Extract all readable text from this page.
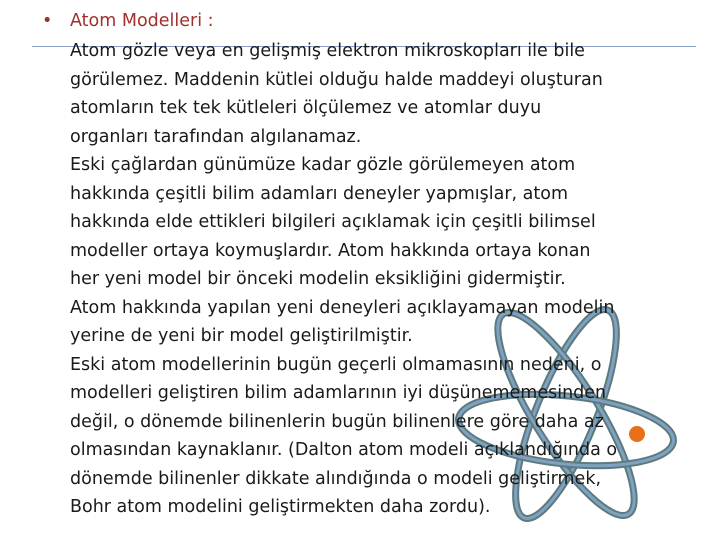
• Atom Modelleri :
Atom gözle veya en gelişmiş elektron mikroskopları ile bile
görülemez. Maddenin kütlei olduğu halde maddeyi oluşturan
atomların tek tek kütleleri ölçülemez ve atomlar duyu
organları tarafından algılanamaz.
Eski çağlardan günümüze kadar gözle görülemeyen atom
hakkında çeşitli bilim adamları deneyler yapmışlar, atom
hakkında elde ettikleri bilgileri açıklamak için çeşitli bilimsel
modeller ortaya koymuşlardır. Atom hakkında ortaya konan
her yeni model bir önceki modelin eksikliğini gidermiştir.
Atom hakkında yapılan yeni deneyleri açıklayamayan modelin
yerine de yeni bir model geliştirilmiştir.
Eski atom modellerinin bugün geçerli olmamasının nedeni, o
modelleri geliştiren bilim adamlarının iyi düşünememesinden
değil, o dönemde bilinenlerin bugün bilinenlere göre daha az
olmasından kaynaklanır. (Dalton atom modeli açıklandığında o
dönemde bilinenler dikkate alındığında o modeli geliştirmek,
Bohr atom modelini geliştirmekten daha zordu).
